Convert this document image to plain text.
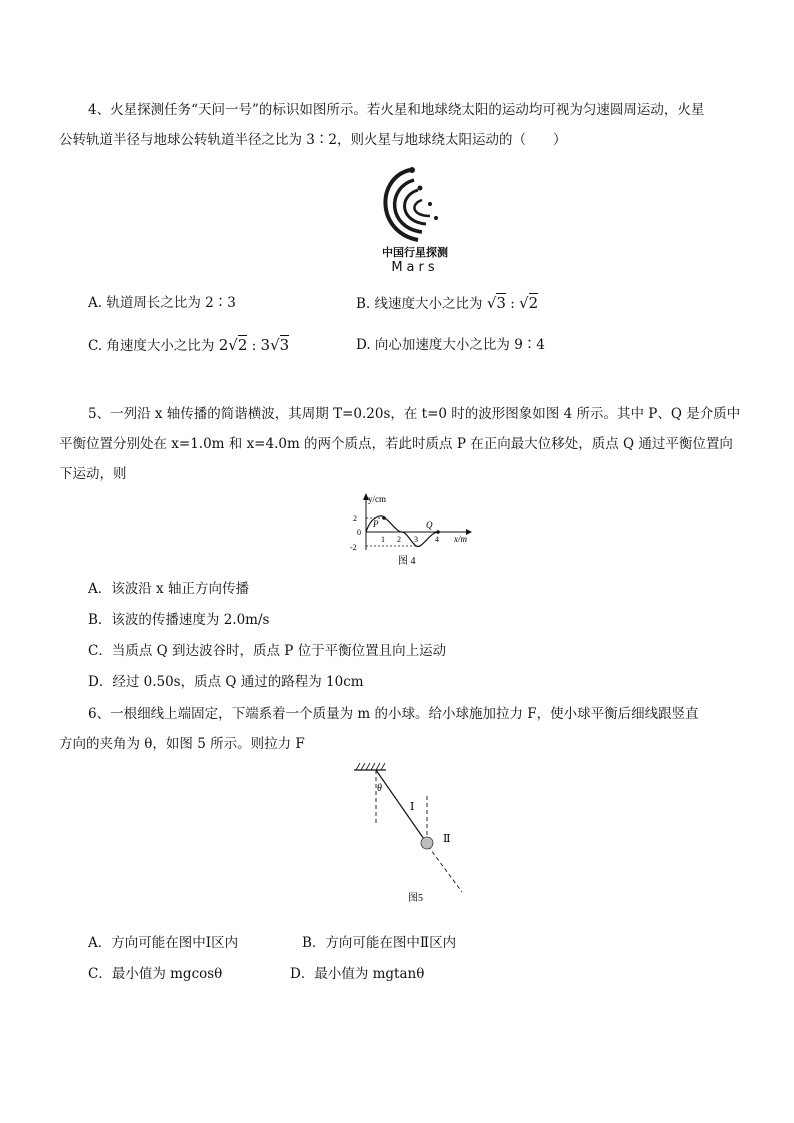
4、火星探测任务“天问一号”的标识如图所示。若火星和地球绕太阳的运动均可视为匀速圆周运动，火星
公转轨道半径与地球公转轨道半径之比为 3∶2，则火星与地球绕太阳运动的（　　）
中国行星探测
Mars
A. 轨道周长之比为 2∶3	B. 线速度大小之比为 √3 : √2
C. 角速度大小之比为 2√2 : 3√3	D. 向心加速度大小之比为 9∶4
5、一列沿 x 轴传播的简谐横波，其周期 T=0.20s，在 t=0 时的波形图象如图 4 所示。其中 P、Q 是介质中
平衡位置分别处在 x=1.0m 和 x=4.0m 的两个质点，若此时质点 P 在正向最大位移处，质点 Q 通过平衡位置向
下运动，则
y/cm
x/m
2
0
-2
1 2 3 4
P	Q
图 4
A．该波沿 x 轴正方向传播
B．该波的传播速度为 2.0m/s
C．当质点 Q 到达波谷时，质点 P 位于平衡位置且向上运动
D．经过 0.50s，质点 Q 通过的路程为 10cm
6、一根细线上端固定，下端系着一个质量为 m 的小球。给小球施加拉力 F，使小球平衡后细线跟竖直
方向的夹角为 θ，如图 5 所示。则拉力 F
θ
Ⅰ
Ⅱ
图5
A．方向可能在图中Ⅰ区内	B．方向可能在图中Ⅱ区内
C．最小值为 mgcosθ	D．最小值为 mgtanθ
